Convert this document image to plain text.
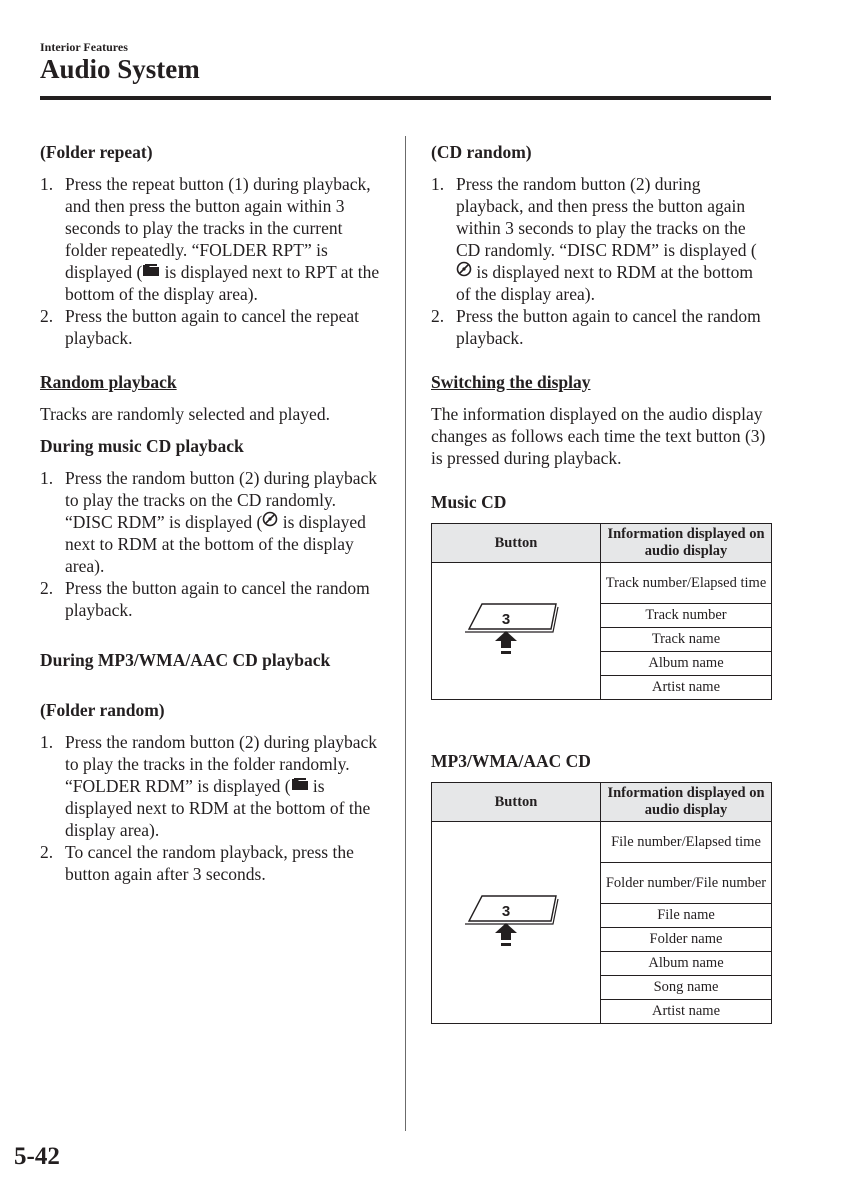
Interior Features
Audio System

(Folder repeat)

1. Press the repeat button (1) during playback, and then press the button again within 3 seconds to play the tracks in the current folder repeatedly. “FOLDER RPT” is displayed ( is displayed next to RPT at the bottom of the display area).
2. Press the button again to cancel the repeat playback.

Random playback

Tracks are randomly selected and played.

During music CD playback

1. Press the random button (2) during playback to play the tracks on the CD randomly. “DISC RDM” is displayed ( is displayed next to RDM at the bottom of the display area).
2. Press the button again to cancel the random playback.

During MP3/WMA/AAC CD playback

(Folder random)

1. Press the random button (2) during playback to play the tracks in the folder randomly. “FOLDER RDM” is displayed ( is displayed next to RDM at the bottom of the display area).
2. To cancel the random playback, press the button again after 3 seconds.

(CD random)

1. Press the random button (2) during playback, and then press the button again within 3 seconds to play the tracks on the CD randomly. “DISC RDM” is displayed ( is displayed next to RDM at the bottom of the display area).
2. Press the button again to cancel the random playback.

Switching the display

The information displayed on the audio display changes as follows each time the text button (3) is pressed during playback.

Music CD

Button	Information displayed on audio display

3	Track number/Elapsed time
	Track number
	Track name
	Album name
	Artist name

MP3/WMA/AAC CD

Button	Information displayed on audio display

3	File number/Elapsed time
	Folder number/File number
	File name
	Folder name
	Album name
	Song name
	Artist name
5-42
